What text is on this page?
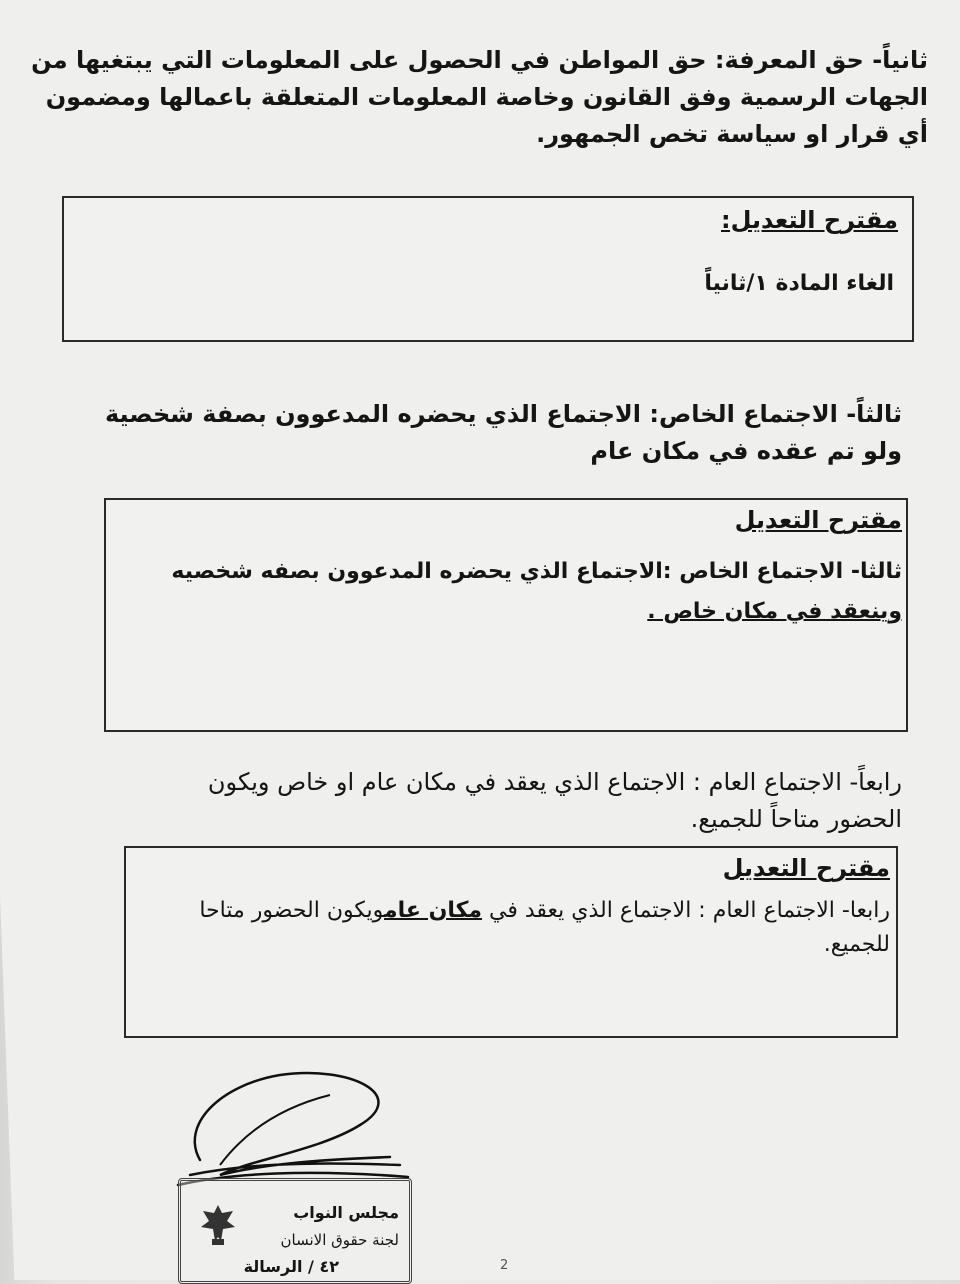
ثانياً- حق المعرفة: حق المواطن في الحصول على المعلومات التي يبتغيها من الجهات الرسمية وفق القانون وخاصة المعلومات المتعلقة باعمالها ومضمون أي قرار او سياسة تخص الجمهور.
مقترح التعديل:
الغاء المادة ١/ثانياً
ثالثاً- الاجتماع الخاص: الاجتماع الذي يحضره المدعوون بصفة شخصية ولو تم عقده في مكان عام
مقترح التعديل
ثالثا- الاجتماع الخاص :الاجتماع الذي يحضره المدعوون بصفه شخصيه وينعقد في مكان خاص .
رابعاً- الاجتماع العام : الاجتماع الذي يعقد في مكان عام او خاص ويكون الحضور متاحاً للجميع.
مقترح التعديل
رابعا- الاجتماع العام : الاجتماع الذي يعقد في مكان عامويكون الحضور متاحا للجميع.
مجلس النواب
لجنة حقوق الانسان
٤٢ / الرسالة	2
